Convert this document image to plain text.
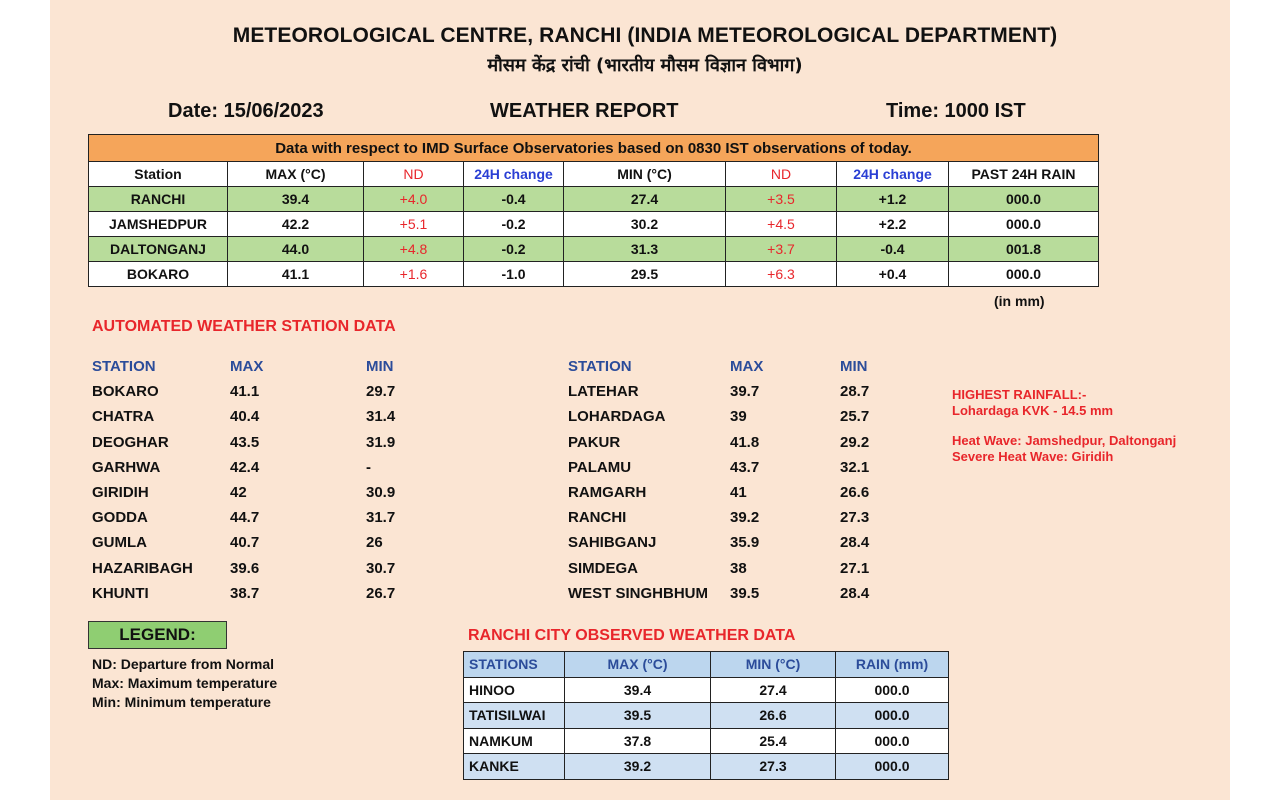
METEOROLOGICAL CENTRE, RANCHI (INDIA METEOROLOGICAL DEPARTMENT)
मौसम केंद्र रांची (भारतीय मौसम विज्ञान विभाग)
Date: 15/06/2023	WEATHER REPORT	Time: 1000 IST
Data with respect to IMD Surface Observatories based on 0830 IST observations of today.							
Station	MAX (°C)	ND	24H change	MIN (°C)	ND	24H change	PAST 24H RAIN
RANCHI	39.4	+4.0	-0.4	27.4	+3.5	+1.2	000.0
JAMSHEDPUR	42.2	+5.1	-0.2	30.2	+4.5	+2.2	000.0
DALTONGANJ	44.0	+4.8	-0.2	31.3	+3.7	-0.4	001.8
BOKARO	41.1	+1.6	-1.0	29.5	+6.3	+0.4	000.0
(in mm)
AUTOMATED WEATHER STATION DATA
STATION	MAX	MIN
BOKARO	41.1	29.7
CHATRA	40.4	31.4
DEOGHAR	43.5	31.9
GARHWA	42.4	-
GIRIDIH	42	30.9
GODDA	44.7	31.7
GUMLA	40.7	26
HAZARIBAGH	39.6	30.7
KHUNTI	38.7	26.7
STATION	MAX	MIN
LATEHAR	39.7	28.7
LOHARDAGA	39	25.7
PAKUR	41.8	29.2
PALAMU	43.7	32.1
RAMGARH	41	26.6
RANCHI	39.2	27.3
SAHIBGANJ	35.9	28.4
SIMDEGA	38	27.1
WEST SINGHBHUM	39.5	28.4
HIGHEST RAINFALL:-
Lohardaga KVK - 14.5 mm
Heat Wave: Jamshedpur, Daltonganj
Severe Heat Wave: Giridih
LEGEND:
ND: Departure from Normal
Max: Maximum temperature
Min: Minimum temperature
RANCHI CITY OBSERVED WEATHER DATA
STATIONS	MAX (°C)	MIN (°C)	RAIN (mm)
HINOO	39.4	27.4	000.0
TATISILWAI	39.5	26.6	000.0
NAMKUM	37.8	25.4	000.0
KANKE	39.2	27.3	000.0
